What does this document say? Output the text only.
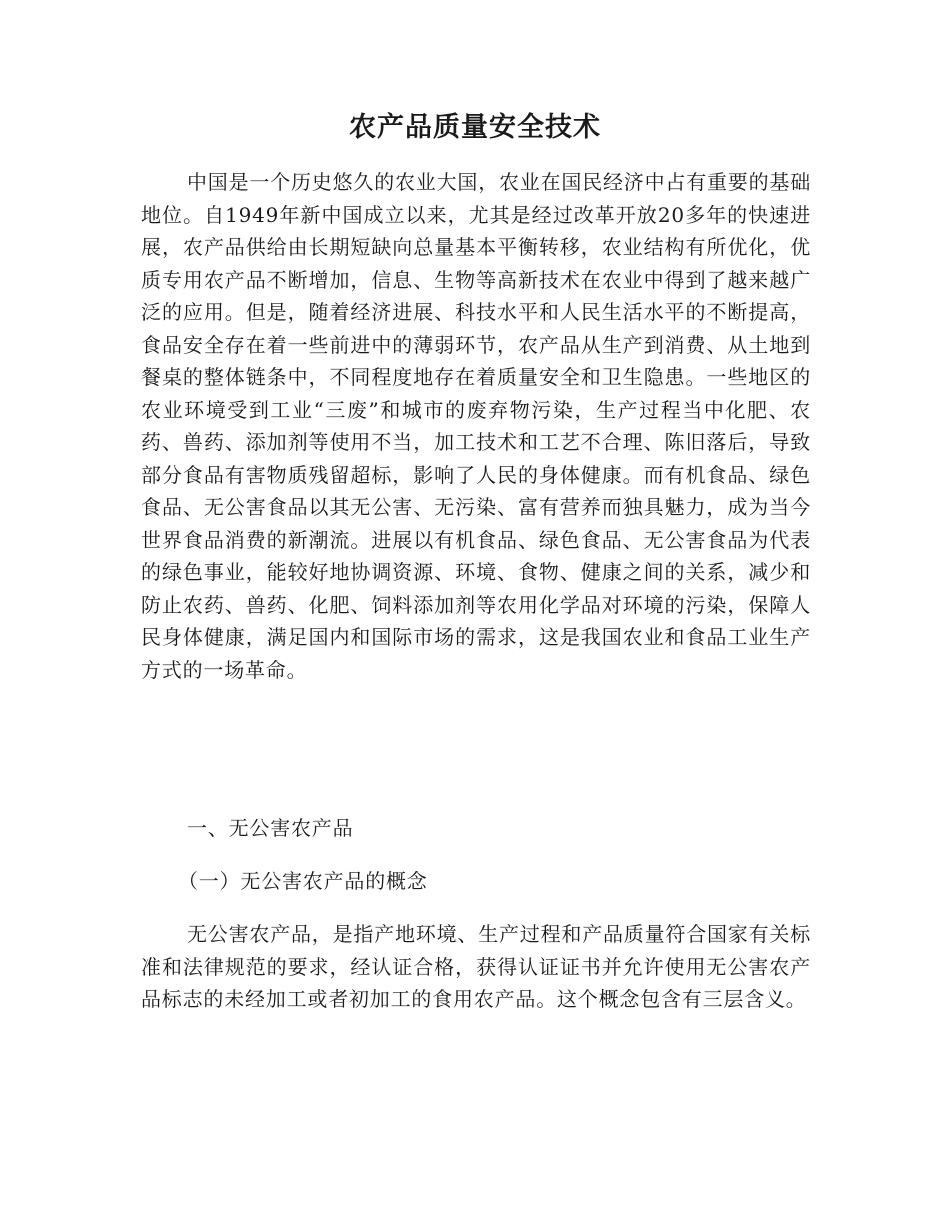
农产品质量安全技术

中国是一个历史悠久的农业大国，农业在国民经济中占有重要的基础地位。自1949年新中国成立以来，尤其是经过改革开放20多年的快速进展，农产品供给由长期短缺向总量基本平衡转移，农业结构有所优化，优质专用农产品不断增加，信息、生物等高新技术在农业中得到了越来越广泛的应用。但是，随着经济进展、科技水平和人民生活水平的不断提高，食品安全存在着一些前进中的薄弱环节，农产品从生产到消费、从土地到餐桌的整体链条中，不同程度地存在着质量安全和卫生隐患。一些地区的农业环境受到工业“三废”和城市的废弃物污染，生产过程当中化肥、农药、兽药、添加剂等使用不当，加工技术和工艺不合理、陈旧落后，导致部分食品有害物质残留超标，影响了人民的身体健康。而有机食品、绿色食品、无公害食品以其无公害、无污染、富有营养而独具魅力，成为当今世界食品消费的新潮流。进展以有机食品、绿色食品、无公害食品为代表的绿色事业，能较好地协调资源、环境、食物、健康之间的关系，减少和防止农药、兽药、化肥、饲料添加剂等农用化学品对环境的污染，保障人民身体健康，满足国内和国际市场的需求，这是我国农业和食品工业生产方式的一场革命。

一、无公害农产品
（一）无公害农产品的概念

无公害农产品，是指产地环境、生产过程和产品质量符合国家有关标准和法律规范的要求，经认证合格，获得认证证书并允许使用无公害农产品标志的未经加工或者初加工的食用农产品。这个概念包含有三层含义。
